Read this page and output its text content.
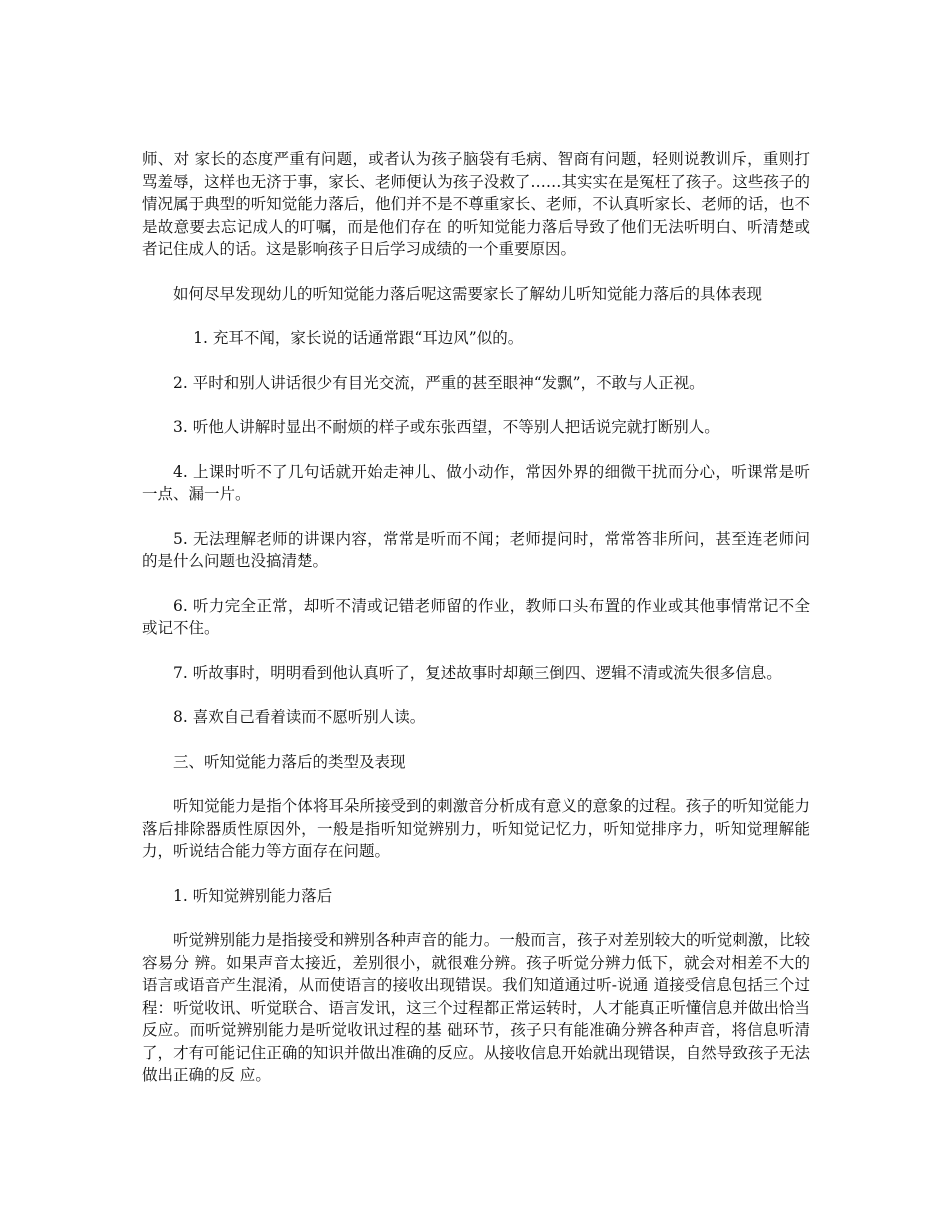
师、对 家长的态度严重有问题，或者认为孩子脑袋有毛病、智商有问题，轻则说教训斥，重则打骂羞辱，这样也无济于事，家长、老师便认为孩子没救了……其实实在是冤枉了孩子。这些孩子的情况属于典型的听知觉能力落后，他们并不是不尊重家长、老师，不认真听家长、老师的话，也不是故意要去忘记成人的叮嘱，而是他们存在 的听知觉能力落后导致了他们无法听明白、听清楚或者记住成人的话。这是影响孩子日后学习成绩的一个重要原因。

如何尽早发现幼儿的听知觉能力落后呢这需要家长了解幼儿听知觉能力落后的具体表现

1. 充耳不闻，家长说的话通常跟“耳边风”似的。

2. 平时和别人讲话很少有目光交流，严重的甚至眼神“发飘”，不敢与人正视。

3. 听他人讲解时显出不耐烦的样子或东张西望，不等别人把话说完就打断别人。

4. 上课时听不了几句话就开始走神儿、做小动作，常因外界的细微干扰而分心，听课常是听一点、漏一片。

5. 无法理解老师的讲课内容，常常是听而不闻；老师提问时，常常答非所问，甚至连老师问的是什么问题也没搞清楚。

6. 听力完全正常，却听不清或记错老师留的作业，教师口头布置的作业或其他事情常记不全或记不住。

7. 听故事时，明明看到他认真听了，复述故事时却颠三倒四、逻辑不清或流失很多信息。

8. 喜欢自己看着读而不愿听别人读。

三、听知觉能力落后的类型及表现

听知觉能力是指个体将耳朵所接受到的刺激音分析成有意义的意象的过程。孩子的听知觉能力落后排除器质性原因外，一般是指听知觉辨别力，听知觉记忆力，听知觉排序力，听知觉理解能力，听说结合能力等方面存在问题。

1. 听知觉辨别能力落后

听觉辨别能力是指接受和辨别各种声音的能力。一般而言，孩子对差别较大的听觉刺激，比较容易分 辨。如果声音太接近，差别很小，就很难分辨。孩子听觉分辨力低下，就会对相差不大的语言或语音产生混淆，从而使语言的接收出现错误。我们知道通过听-说通 道接受信息包括三个过程：听觉收讯、听觉联合、语言发讯，这三个过程都正常运转时，人才能真正听懂信息并做出恰当反应。而听觉辨别能力是听觉收讯过程的基 础环节，孩子只有能准确分辨各种声音，将信息听清了，才有可能记住正确的知识并做出准确的反应。从接收信息开始就出现错误，自然导致孩子无法做出正确的反 应。
